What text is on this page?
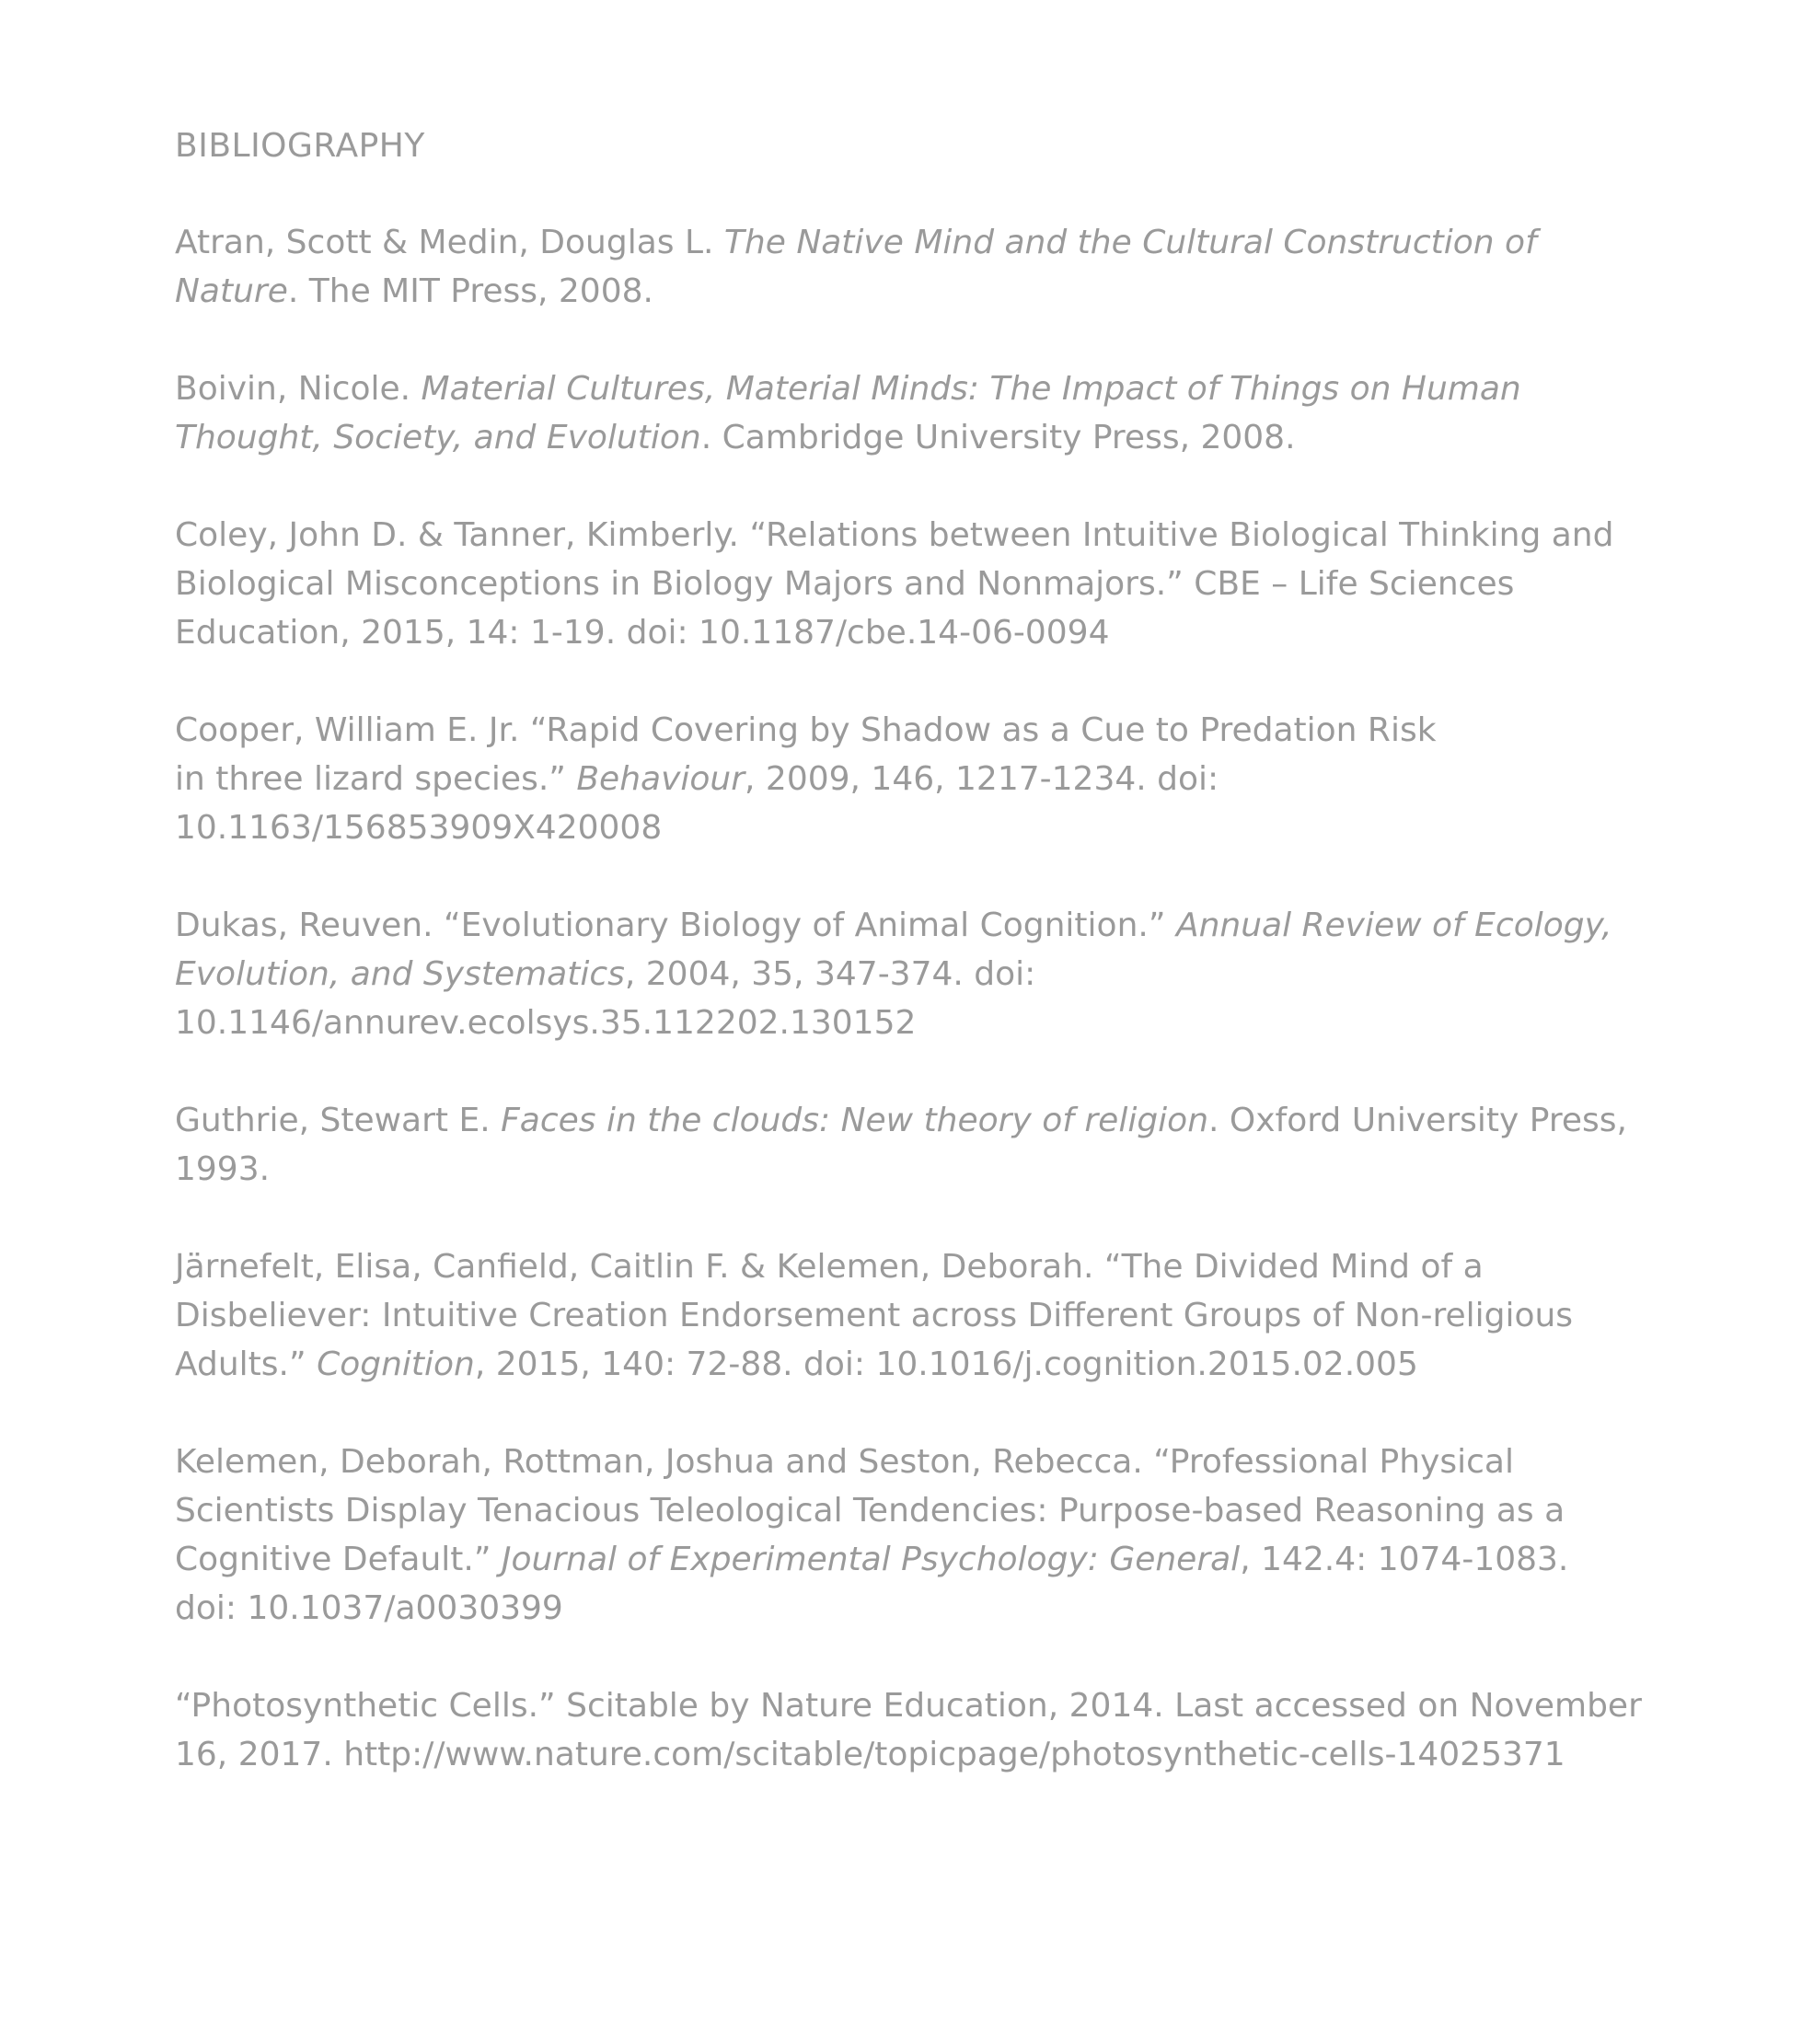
BIBLIOGRAPHY

Atran, Scott & Medin, Douglas L. The Native Mind and the Cultural Construction of
Nature. The MIT Press, 2008.

Boivin, Nicole. Material Cultures, Material Minds: The Impact of Things on Human
Thought, Society, and Evolution. Cambridge University Press, 2008.

Coley, John D. & Tanner, Kimberly. “Relations between Intuitive Biological Thinking and
Biological Misconceptions in Biology Majors and Nonmajors.” CBE – Life Sciences
Education, 2015, 14: 1-19. doi: 10.1187/cbe.14-06-0094

Cooper, William E. Jr. “Rapid Covering by Shadow as a Cue to Predation Risk
in three lizard species.” Behaviour, 2009, 146, 1217-1234. doi:
10.1163/156853909X420008

Dukas, Reuven. “Evolutionary Biology of Animal Cognition.” Annual Review of Ecology,
Evolution, and Systematics, 2004, 35, 347-374. doi:
10.1146/annurev.ecolsys.35.112202.130152

Guthrie, Stewart E. Faces in the clouds: New theory of religion. Oxford University Press,
1993.

Järnefelt, Elisa, Canfield, Caitlin F. & Kelemen, Deborah. “The Divided Mind of a
Disbeliever: Intuitive Creation Endorsement across Different Groups of Non-religious
Adults.” Cognition, 2015, 140: 72-88. doi: 10.1016/j.cognition.2015.02.005

Kelemen, Deborah, Rottman, Joshua and Seston, Rebecca. “Professional Physical
Scientists Display Tenacious Teleological Tendencies: Purpose-based Reasoning as a
Cognitive Default.” Journal of Experimental Psychology: General, 142.4: 1074-1083.
doi: 10.1037/a0030399

“Photosynthetic Cells.” Scitable by Nature Education, 2014. Last accessed on November
16, 2017. http://www.nature.com/scitable/topicpage/photosynthetic-cells-14025371
